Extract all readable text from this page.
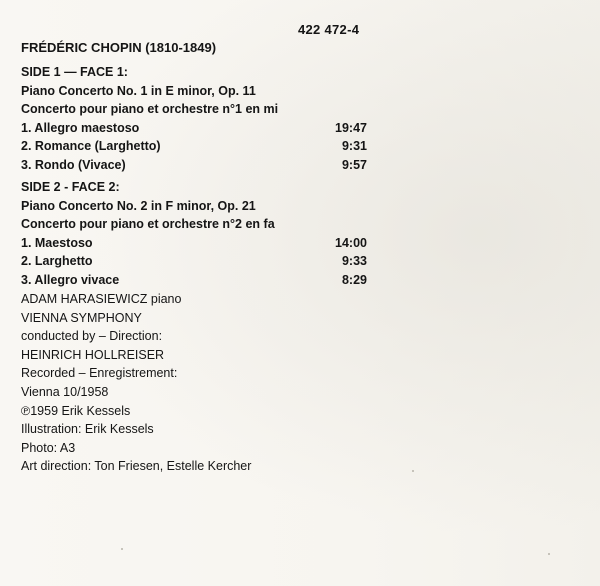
422 472-4
FRÉDÉRIC CHOPIN (1810-1849)
SIDE 1 — FACE 1:
Piano Concerto No. 1 in E minor, Op. 11
Concerto pour piano et orchestre n°1 en mi
1. Allegro maestoso	19:47
2. Romance (Larghetto)	9:31
3. Rondo (Vivace)	9:57
SIDE 2 - FACE 2:
Piano Concerto No. 2 in F minor, Op. 21
Concerto pour piano et orchestre n°2 en fa
1. Maestoso	14:00
2. Larghetto	9:33
3. Allegro vivace	8:29
ADAM HARASIEWICZ piano
VIENNA SYMPHONY
conducted by – Direction:
HEINRICH HOLLREISER
Recorded – Enregistrement:
Vienna 10/1958
℗1959 Erik Kessels
Illustration: Erik Kessels
Photo: A3
Art direction: Ton Friesen, Estelle Kercher
